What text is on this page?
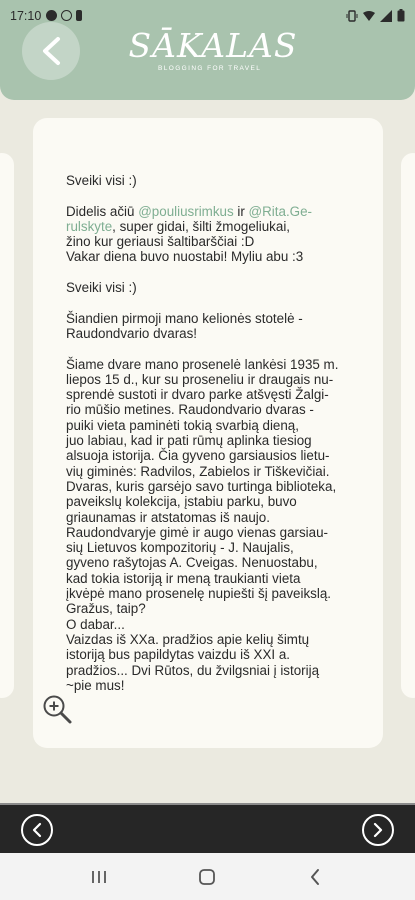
SĀKALAS
BLOGGING FOR TRAVEL
17:10
Sveiki visi :)

Didelis ačiū @pouliusrimkus ir @Rita.Ge-
rulskyte, super gidai, šilti žmogeliukai,
žino kur geriausi šaltibarščiai :D
Vakar diena buvo nuostabi! Myliu abu :3

Sveiki visi :)

Šiandien pirmoji mano kelionės stotelė -
Raudondvario dvaras!

Šiame dvare mano prosenelė lankėsi 1935 m.
liepos 15 d., kur su proseneliu ir draugais nu-
sprendė sustoti ir dvaro parke atšvęsti Žalgi-
rio mūšio metines. Raudondvario dvaras -
puiki vieta paminėti tokią svarbią dieną,
juo labiau, kad ir pati rūmų aplinka tiesiog
alsuoja istorija. Čia gyveno garsiausios lietu-
vių giminės: Radvilos, Zabielos ir Tiškevičiai.
Dvaras, kuris garsėjo savo turtinga biblioteka,
paveikslų kolekcija, įstabiu parku, buvo
griaunamas ir atstatomas iš naujo.
Raudondvaryje gimė ir augo vienas garsiau-
sių Lietuvos kompozitorių - J. Naujalis,
gyveno rašytojas A. Cveigas. Nenuostabu,
kad tokia istoriją ir meną traukianti vieta
įkvėpė mano prosenelę nupiešti šį paveikslą.
Gražus, taip?
O dabar...
Vaizdas iš XXa. pradžios apie kelių šimtų
istoriją bus papildytas vaizdu iš XXI a.
pradžios... Dvi Rūtos, du žvilgsniai į istoriją
~pie mus!
